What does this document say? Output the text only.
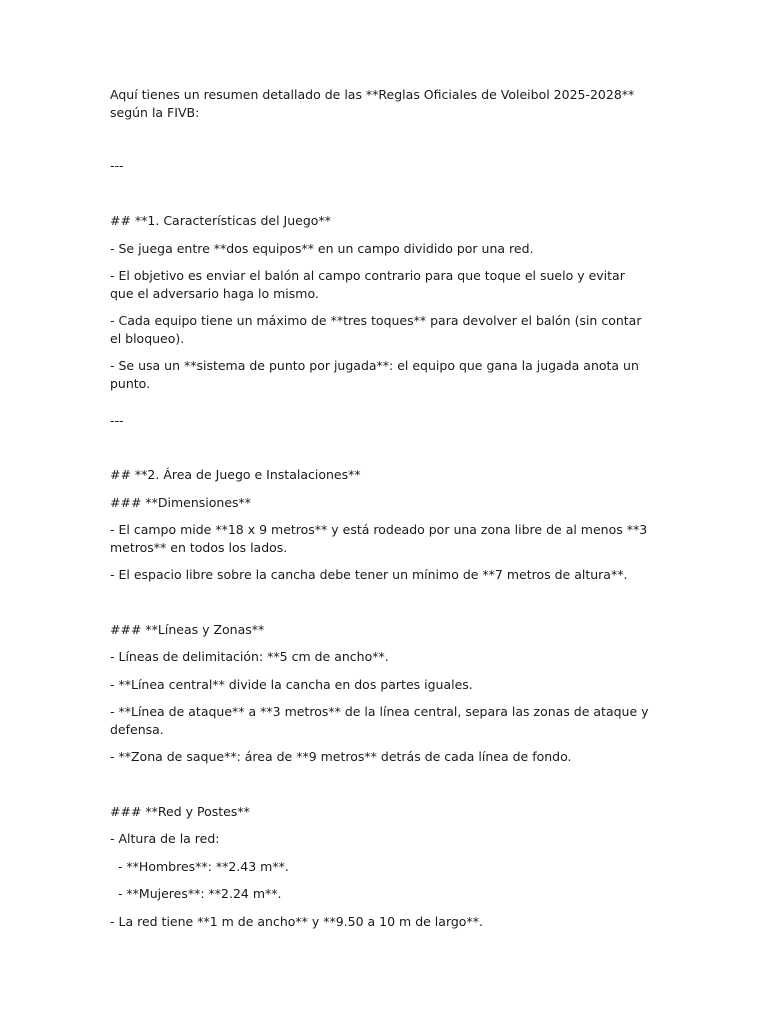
Aquí tienes un resumen detallado de las **Reglas Oficiales de Voleibol 2025-2028** según la FIVB:
---
## **1. Características del Juego**
- Se juega entre **dos equipos** en un campo dividido por una red.
- El objetivo es enviar el balón al campo contrario para que toque el suelo y evitar que el adversario haga lo mismo.
- Cada equipo tiene un máximo de **tres toques** para devolver el balón (sin contar el bloqueo).
- Se usa un **sistema de punto por jugada**: el equipo que gana la jugada anota un punto.
---
## **2. Área de Juego e Instalaciones**
### **Dimensiones**
- El campo mide **18 x 9 metros** y está rodeado por una zona libre de al menos **3 metros** en todos los lados.
- El espacio libre sobre la cancha debe tener un mínimo de **7 metros de altura**.
### **Líneas y Zonas**
- Líneas de delimitación: **5 cm de ancho**.
- **Línea central** divide la cancha en dos partes iguales.
- **Línea de ataque** a **3 metros** de la línea central, separa las zonas de ataque y defensa.
- **Zona de saque**: área de **9 metros** detrás de cada línea de fondo.
### **Red y Postes**
- Altura de la red:
- **Hombres**: **2.43 m**.
- **Mujeres**: **2.24 m**.
- La red tiene **1 m de ancho** y **9.50 a 10 m de largo**.
